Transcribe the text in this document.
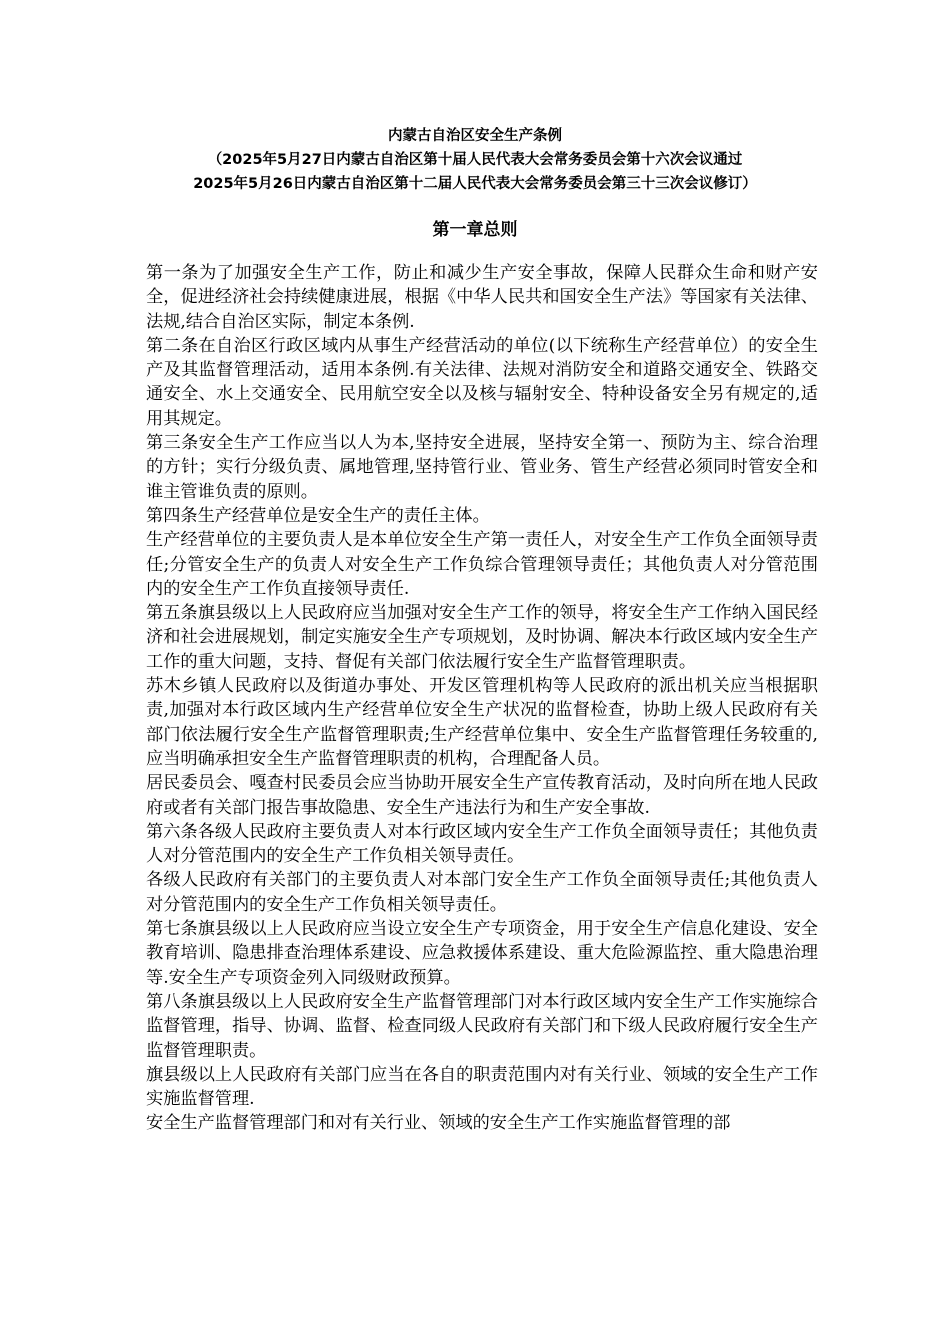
内蒙古自治区安全生产条例
（2025年5月27日内蒙古自治区第十届人民代表大会常务委员会第十六次会议通过
2025年5月26日内蒙古自治区第十二届人民代表大会常务委员会第三十三次会议修订）
第一章总则

第一条为了加强安全生产工作，防止和减少生产安全事故，保障人民群众生命和财产安全，促进经济社会持续健康进展，根据《中华人民共和国安全生产法》等国家有关法律、法规,结合自治区实际，制定本条例.

第二条在自治区行政区域内从事生产经营活动的单位(以下统称生产经营单位）的安全生产及其监督管理活动，适用本条例.有关法律、法规对消防安全和道路交通安全、铁路交通安全、水上交通安全、民用航空安全以及核与辐射安全、特种设备安全另有规定的,适用其规定。

第三条安全生产工作应当以人为本,坚持安全进展，坚持安全第一、预防为主、综合治理的方针；实行分级负责、属地管理,坚持管行业、管业务、管生产经营必须同时管安全和谁主管谁负责的原则。

第四条生产经营单位是安全生产的责任主体。

生产经营单位的主要负责人是本单位安全生产第一责任人，对安全生产工作负全面领导责任;分管安全生产的负责人对安全生产工作负综合管理领导责任；其他负责人对分管范围内的安全生产工作负直接领导责任.

第五条旗县级以上人民政府应当加强对安全生产工作的领导，将安全生产工作纳入国民经济和社会进展规划，制定实施安全生产专项规划，及时协调、解决本行政区域内安全生产工作的重大问题，支持、督促有关部门依法履行安全生产监督管理职责。

苏木乡镇人民政府以及街道办事处、开发区管理机构等人民政府的派出机关应当根据职责,加强对本行政区域内生产经营单位安全生产状况的监督检查，协助上级人民政府有关部门依法履行安全生产监督管理职责;生产经营单位集中、安全生产监督管理任务较重的,应当明确承担安全生产监督管理职责的机构，合理配备人员。

居民委员会、嘎查村民委员会应当协助开展安全生产宣传教育活动，及时向所在地人民政府或者有关部门报告事故隐患、安全生产违法行为和生产安全事故.

第六条各级人民政府主要负责人对本行政区域内安全生产工作负全面领导责任；其他负责人对分管范围内的安全生产工作负相关领导责任。

各级人民政府有关部门的主要负责人对本部门安全生产工作负全面领导责任;其他负责人对分管范围内的安全生产工作负相关领导责任。

第七条旗县级以上人民政府应当设立安全生产专项资金，用于安全生产信息化建设、安全教育培训、隐患排查治理体系建设、应急救援体系建设、重大危险源监控、重大隐患治理等.安全生产专项资金列入同级财政预算。

第八条旗县级以上人民政府安全生产监督管理部门对本行政区域内安全生产工作实施综合监督管理，指导、协调、监督、检查同级人民政府有关部门和下级人民政府履行安全生产监督管理职责。

旗县级以上人民政府有关部门应当在各自的职责范围内对有关行业、领域的安全生产工作实施监督管理.

安全生产监督管理部门和对有关行业、领域的安全生产工作实施监督管理的部
